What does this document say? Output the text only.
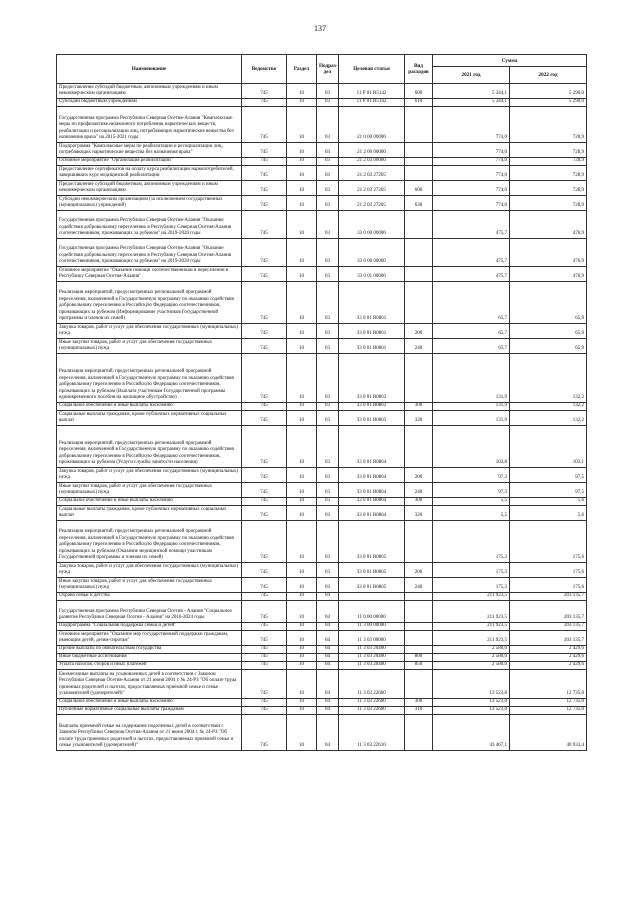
137
Наименование	Ведомство	Раздел	Подраз-дел	Целевая статья	Вид расходов	Сумма	
						2021 год	2022 год
Предоставление субсидий бюджетным, автономным учреждениям и иным некоммерческим организациям	745	10	03	11 Р 01 R5142	600	5 344,1	5 290,0
Субсидии бюджетным учреждениям	745	10	03	11 Р 01 R5142	610	5 344,1	5 290,0
Государственная программа Республики Северная Осетия-Алания "Комплексные меры по профилактике незаконного потребления наркотических веществ, реабилитации и ресоциализации лиц, потребляющих наркотические вещества без назначения врача" на 2015-2021 годы	745	10	03	21 0 00 00000		774,0	728,9
Подпрограмма "Комплексные меры по реабилитации и ресоциализации лиц, потребляющих наркотические вещества без назначения врача"	745	10	03	21 2 00 00000		774,0	728,9
Основное мероприятие "Организация реабилитации"	745	10	03	21 2 03 00000		774,0	728,9
Предоставление сертификатов на оплату курса реабилитации наркопотребителей, завершивших курс медицинской реабилитации	745	10	03	21 2 03 27205		774,0	728,9
Предоставление субсидий бюджетным, автономным учреждениям и иным некоммерческим организациям	745	10	03	21 2 03 27205	600	774,0	728,9
Субсидии некоммерческим организациям (за исключением государственных (муниципальных) учреждений)	745	10	03	21 2 03 27205	630	774,0	728,9
Государственная программа Республики Северная Осетия-Алания "Оказание содействия добровольному переселению в Республику Северная Осетия-Алания соотечественников, проживающих за рубежом" на 2019-2020 годы	745	10	03	33 0 00 00000		475,7	476,9
Государственная программа Республики Северная Осетия-Алания "Оказание содействия добровольному переселению в Республику Северная Осетия-Алания соотечественников, проживающих за рубежом" на 2019-2020 годы	745	10	03	33 0 00 00000		475,7	476,9
Основное мероприятие "Оказание помощи соотечественникам в переселении в Республику Северная Осетия-Алания"	745	10	03	33 0 01 00000		475,7	476,9
Реализация мероприятий, предусмотренных региональной программой переселения, включенной в Государственную программу по оказанию содействия добровольному переселению в Российскую Федерацию соотечественников, проживающих за рубежом (Информирование участников Государственной программы и членов их семей)	745	10	03	33 0 01 R0861		65,7	65,9
Закупка товаров, работ и услуг для обеспечения государственных (муниципальных) нужд	745	10	03	33 0 01 R0861	200	65,7	65,9
Иные закупки товаров, работ и услуг для обеспечения государственных (муниципальных) нужд	745	10	03	33 0 01 R0861	240	65,7	65,9
Реализация мероприятий, предусмотренных региональной программой переселения, включенной в Государственную программу по оказанию содействия добровольному переселению в Российскую Федерацию соотечественников, проживающих за рубежом (Выплата участникам Государственной программы единовременного пособия на жилищное обустройство)	745	10	03	33 0 01 R0863		131,9	132,2
Социальное обеспечение и иные выплаты населению	745	10	03	33 0 01 R0863	300	131,9	132,2
Социальные выплаты гражданам, кроме публичных нормативных социальных выплат	745	10	03	33 0 01 R0863	320	131,9	132,2
Реализация мероприятий, предусмотренных региональной программой переселения, включенной в Государственную программу по оказанию содействия добровольному переселению в Российскую Федерацию соотечественников, проживающих за рубежом (Услуги службы занятости населения)	745	10	03	33 0 01 R0864		102,8	103,1
Закупка товаров, работ и услуг для обеспечения государственных (муниципальных) нужд	745	10	03	33 0 01 R0864	200	97,3	97,5
Иные закупки товаров, работ и услуг для обеспечения государственных (муниципальных) нужд	745	10	03	33 0 01 R0864	240	97,3	97,5
Социальное обеспечение и иные выплаты населению	745	10	03	33 0 01 R0864	300	5,5	5,6
Социальные выплаты гражданам, кроме публичных нормативных социальных выплат	745	10	03	33 0 01 R0864	320	5,5	5,6
Реализация мероприятий, предусмотренных региональной программой переселения, включенной в Государственную программу по оказанию содействия добровольному переселению в Российскую Федерацию соотечественников, проживающих за рубежом (Оказание медицинской помощи участникам Государственной программы и членам их семей)	745	10	03	33 0 01 R0865		175,3	175,6
Закупка товаров, работ и услуг для обеспечения государственных (муниципальных) нужд	745	10	03	33 0 01 R0865	200	175,3	175,6
Иные закупки товаров, работ и услуг для обеспечения государственных (муниципальных) нужд	745	10	03	33 0 01 R0865	240	175,3	175,6
Охрана семьи и детства	745	10	04			211 923,5	203 135,7
Государственная программа Республики Северная Осетия - Алания "Социальное развитие Республики Северная Осетия - Алания" на 2016-2024 годы	745	10	04	11 0 00 00000		211 923,5	203 135,7
Подпрограмма "Социальная поддержка семьи и детей"	745	10	04	11 3 00 00000		211 923,5	203 135,7
Основное мероприятие "Оказание мер государственной поддержки гражданам, имеющим детей, детям-сиротам"	745	10	04	11 3 03 00000		211 923,5	203 135,7
Прочие выплаты по обязательствам государства	745	10	04	11 3 03 20400		2 580,0	2 429,6
Иные бюджетные ассигнования	745	10	04	11 3 03 20400	800	2 580,0	2 429,6
Уплата налогов, сборов и иных платежей	745	10	04	11 3 03 20400	850	2 580,0	2 429,6
Ежемесячные выплаты на усыновленных детей в соответствии с Законом Республики Северная Осетия-Алания от 21 июня 2004 г. № 24-РЗ "Об оплате труда приемных родителей и льготах, предоставляемых приемной семье и семье усыновителей (удочерителей)"	745	10	04	11 3 03 22600		13 523,8	12 735,0
Социальное обеспечение и иные выплаты населению	745	10	04	11 3 03 22600	300	13 523,8	12 735,0
Публичные нормативные социальные выплаты гражданам	745	10	04	11 3 03 22600	310	13 523,8	12 735,0
Выплаты приемной семье на содержание подопечных детей в соответствии с Законом Республики Северная Осетия-Алания от 21 июня 2004 г. № 24-РЗ "Об оплате труда приемных родителей и льготах, предоставляемых приемной семье и семье усыновителей (удочерителей)"	745	10	04	11 3 03 22610		43 467,1	40 933,4
